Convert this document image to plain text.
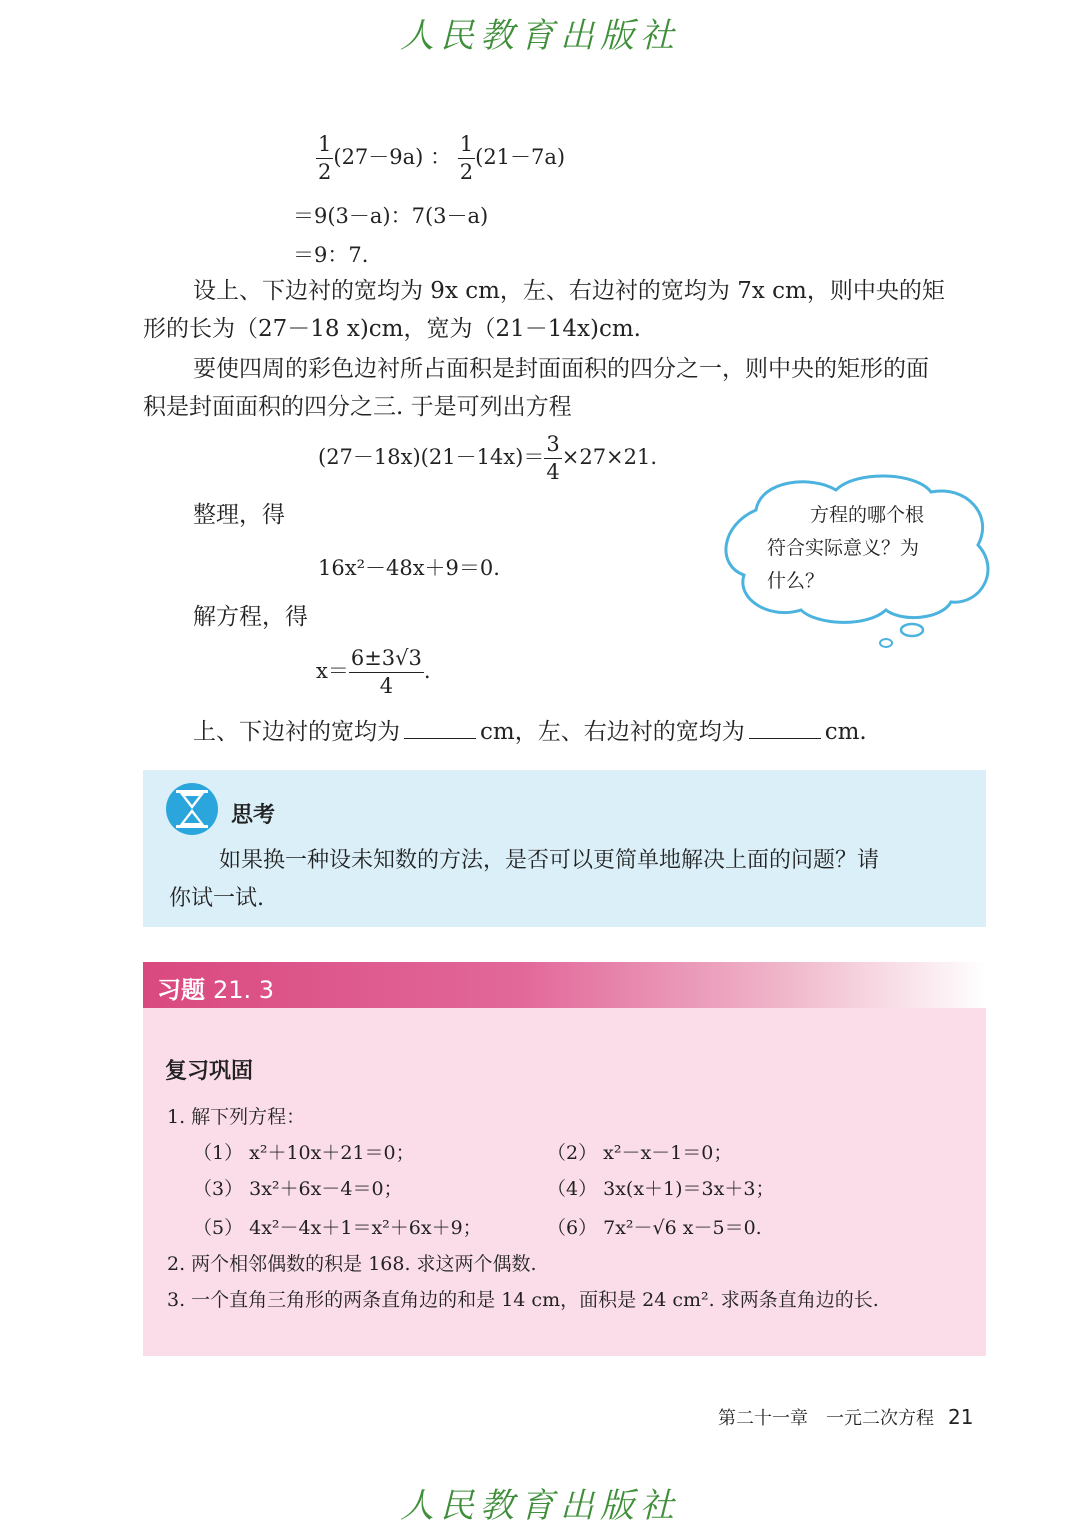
人民教育出版社
$\frac{1}{2} (27-9a)$ ： $\frac{1}{2} (21-7a)$
＝9(3－a)：7(3－a)
＝9：7.
设上、下边衬的宽均为 9x cm，左、右边衬的宽均为 7x cm，则中央的矩
形的长为（27－18 x)cm，宽为（21－14x)cm.
要使四周的彩色边衬所占面积是封面面积的四分之一，则中央的矩形的面
积是封面面积的四分之三. 于是可列出方程
$(27-18x)(21-14x)= \frac{3}{4} \times 27\times 21$.
整理，得
16x²－48x＋9＝0.
解方程，得
$x= \frac{6\pm 3√3}{4}$ .
上、下边衬的宽均为	cm，左、右边衬的宽均为	cm.
方程的哪个根
符合实际意义？为
什么？
思考
如果换一种设未知数的方法，是否可以更简单地解决上面的问题？请
你试一试.
习题 21. 3
复习巩固
1. 解下列方程：
（1） x²＋10x＋21＝0；	（2） x²－x－1＝0；
（3） 3x²＋6x－4＝0；	（4） 3x(x＋1)＝3x＋3；
（5） 4x²－4x＋1＝x²＋6x＋9；	（6） 7x²－√6 x－5＝0.
2. 两个相邻偶数的积是 168. 求这两个偶数.
3. 一个直角三角形的两条直角边的和是 14 cm，面积是 24 cm². 求两条直角边的长.
第二十一章　一元二次方程 21
人民教育出版社
